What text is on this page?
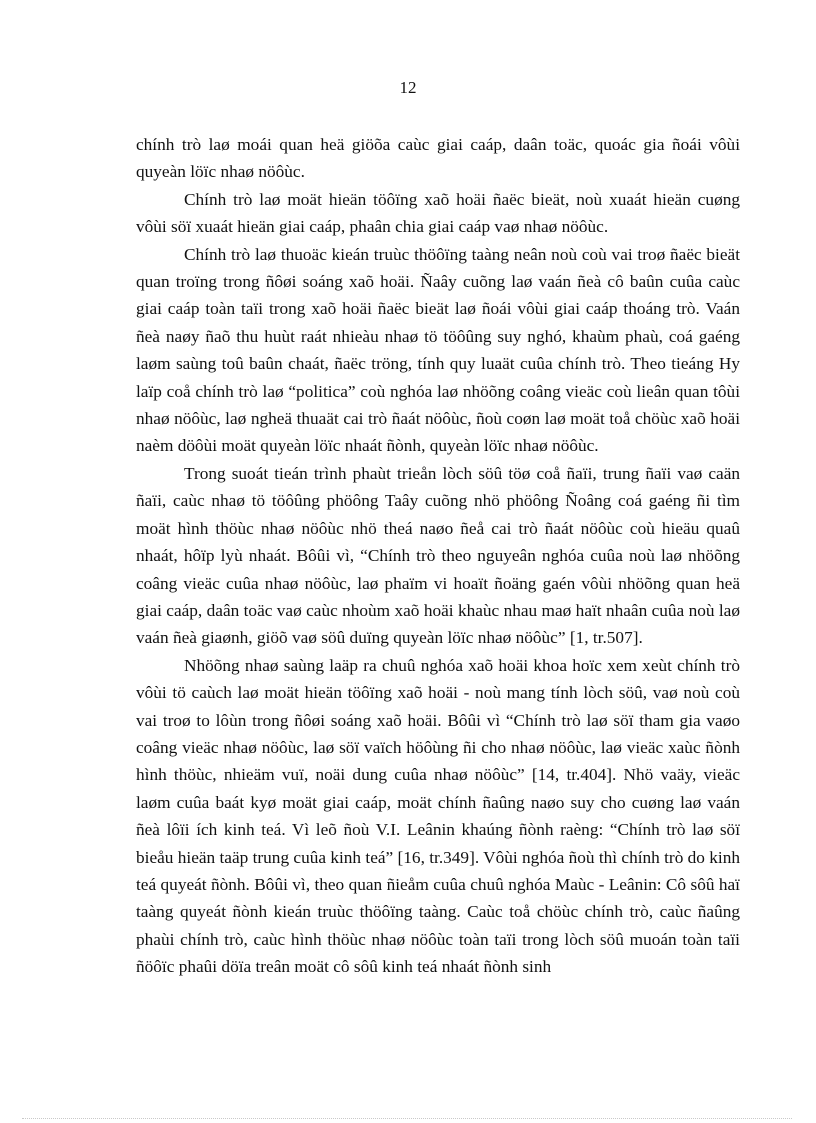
12

chính trò laø moái quan heä giöõa caùc giai caáp, daân toäc, quoác gia ñoái vôùi quyeàn löïc nhaø nöôùc.

Chính trò laø moät hieän töôïng xaõ hoäi ñaëc bieät, noù xuaát hieän cuøng vôùi söï xuaát hieän giai caáp, phaân chia giai caáp vaø nhaø nöôùc.

Chính trò laø thuoäc kieán truùc thöôïng taàng neân noù coù vai troø ñaëc bieät quan troïng trong ñôøi soáng xaõ hoäi. Ñaây cuõng laø vaán ñeà cô baûn cuûa caùc giai caáp toàn taïi trong xaõ hoäi ñaëc bieät laø ñoái vôùi giai caáp thoáng trò. Vaán ñeà naøy ñaõ thu huùt raát nhieàu nhaø tö töôûng suy nghó, khaùm phaù, coá gaéng laøm saùng toû baûn chaát, ñaëc tröng, tính quy luaät cuûa chính trò. Theo tieáng Hy laïp coå chính trò laø “politica” coù nghóa laø nhöõng coâng vieäc coù lieân quan tôùi nhaø nöôùc, laø ngheä thuaät cai trò ñaát nöôùc, ñoù coøn laø moät toå chöùc xaõ hoäi naèm döôùi moät quyeàn löïc nhaát ñònh, quyeàn löïc nhaø nöôùc.

Trong suoát tieán trình phaùt trieån lòch söû töø coå ñaïi, trung ñaïi vaø caän ñaïi, caùc nhaø tö töôûng phöông Taây cuõng nhö phöông Ñoâng coá gaéng ñi tìm moät hình thöùc nhaø nöôùc nhö theá naøo ñeå cai trò ñaát nöôùc coù hieäu quaû nhaát, hôïp lyù nhaát. Bôûi vì, “Chính trò theo nguyeân nghóa cuûa noù laø nhöõng coâng vieäc cuûa nhaø nöôùc, laø phaïm vi hoaït ñoäng gaén vôùi nhöõng quan heä giai caáp, daân toäc vaø caùc nhoùm xaõ hoäi khaùc nhau maø haït nhaân cuûa noù laø vaán ñeà giaønh, giöõ vaø söû duïng quyeàn löïc nhaø nöôùc” [1, tr.507].

Nhöõng nhaø saùng laäp ra chuû nghóa xaõ hoäi khoa hoïc xem xeùt chính trò vôùi tö caùch laø moät hieän töôïng xaõ hoäi - noù mang tính lòch söû, vaø noù coù vai troø to lôùn trong ñôøi soáng xaõ hoäi. Bôûi vì “Chính trò laø söï tham gia vaøo coâng vieäc nhaø nöôùc, laø söï vaïch höôùng ñi cho nhaø nöôùc, laø vieäc xaùc ñònh hình thöùc, nhieäm vuï, noäi dung cuûa nhaø nöôùc” [14, tr.404]. Nhö vaäy, vieäc laøm cuûa baát kyø moät giai caáp, moät chính ñaûng naøo suy cho cuøng laø vaán ñeà lôïi ích kinh teá. Vì leõ ñoù V.I. Leânin khaúng ñònh raèng: “Chính trò laø söï bieåu hieän taäp trung cuûa kinh teá” [16, tr.349]. Vôùi nghóa ñoù thì chính trò do kinh teá quyeát ñònh. Bôûi vì, theo quan ñieåm cuûa chuû nghóa Maùc - Leânin: Cô sôû haï taàng quyeát ñònh kieán truùc thöôïng taàng. Caùc toå chöùc chính trò, caùc ñaûng phaùi chính trò, caùc hình thöùc nhaø nöôùc toàn taïi trong lòch söû muoán toàn taïi ñöôïc phaûi döïa treân moät cô sôû kinh teá nhaát ñònh sinh
